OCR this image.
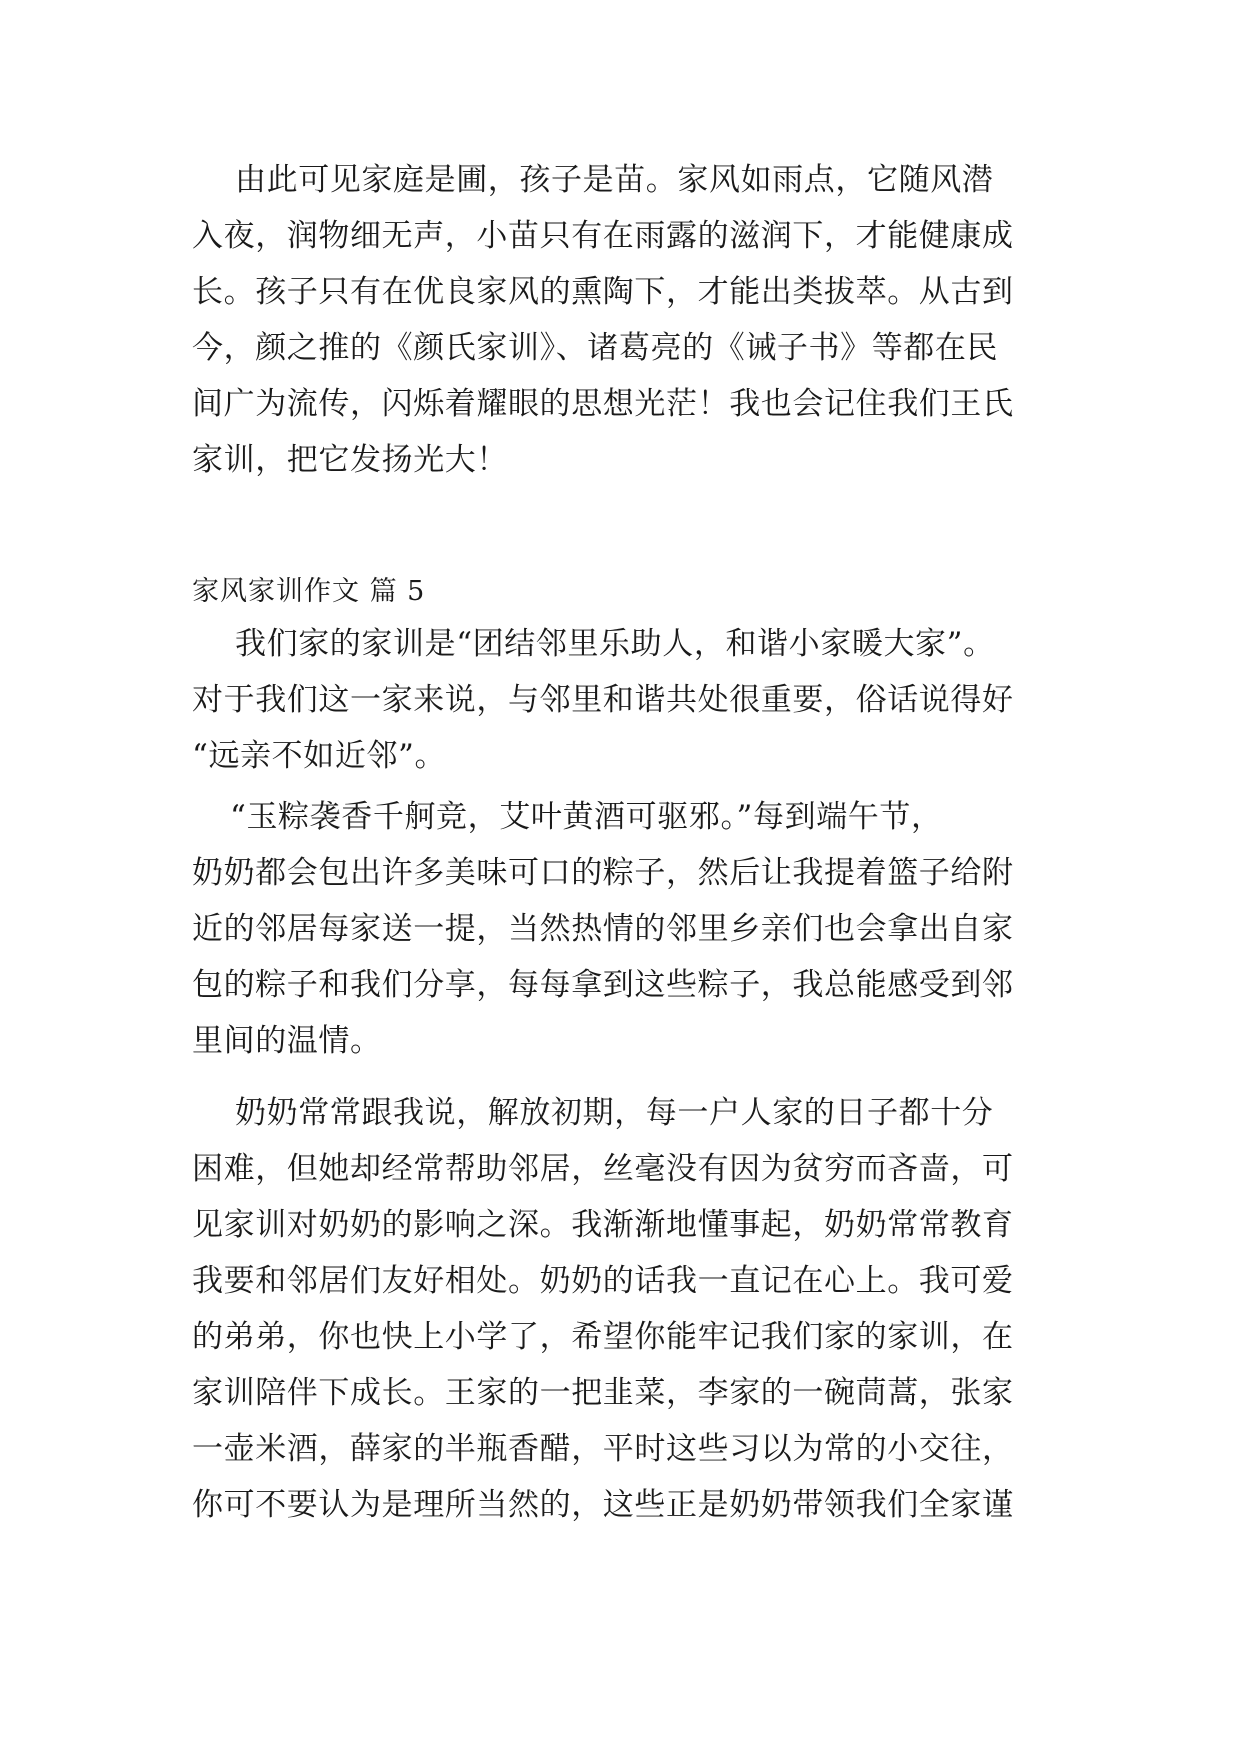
由此可见家庭是圃，孩子是苗。家风如雨点，它随风潜
入夜，润物细无声，小苗只有在雨露的滋润下，才能健康成
长。孩子只有在优良家风的熏陶下，才能出类拔萃。从古到
今，颜之推的《颜氏家训》、诸葛亮的《诫子书》等都在民
间广为流传，闪烁着耀眼的思想光茫！我也会记住我们王氏
家训，把它发扬光大！
家风家训作文 篇 5
我们家的家训是“团结邻里乐助人，和谐小家暖大家”。
对于我们这一家来说，与邻里和谐共处很重要，俗话说得好
“远亲不如近邻”。
“玉粽袭香千舸竞，艾叶黄酒可驱邪。”每到端午节，
奶奶都会包出许多美味可口的粽子，然后让我提着篮子给附
近的邻居每家送一提，当然热情的邻里乡亲们也会拿出自家
包的粽子和我们分享，每每拿到这些粽子，我总能感受到邻
里间的温情。
奶奶常常跟我说，解放初期，每一户人家的日子都十分
困难，但她却经常帮助邻居，丝毫没有因为贫穷而吝啬，可
见家训对奶奶的影响之深。我渐渐地懂事起，奶奶常常教育
我要和邻居们友好相处。奶奶的话我一直记在心上。我可爱
的弟弟，你也快上小学了，希望你能牢记我们家的家训，在
家训陪伴下成长。王家的一把韭菜，李家的一碗茼蒿，张家
一壶米酒，薛家的半瓶香醋，平时这些习以为常的小交往，
你可不要认为是理所当然的，这些正是奶奶带领我们全家谨
